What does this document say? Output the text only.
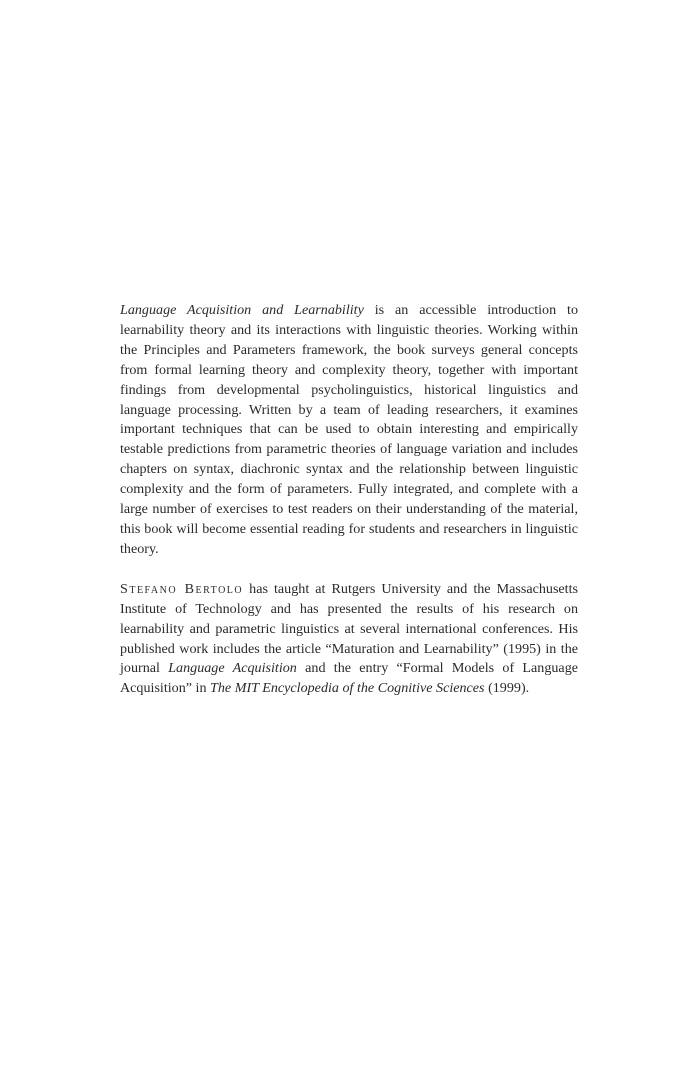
Language Acquisition and Learnability is an accessible introduction to learnability theory and its interactions with linguistic theories. Working within the Principles and Parameters framework, the book surveys general concepts from formal learning theory and complexity theory, together with important findings from developmental psycholinguistics, historical linguistics and language processing. Written by a team of leading researchers, it examines important techniques that can be used to obtain interesting and empirically testable predictions from parametric theories of language variation and includes chapters on syntax, diachronic syntax and the relationship between linguistic complexity and the form of parameters. Fully integrated, and complete with a large number of exercises to test readers on their understanding of the material, this book will become essential reading for students and researchers in linguistic theory.

Stefano Bertolo has taught at Rutgers University and the Massachusetts Institute of Technology and has presented the results of his research on learnability and parametric linguistics at several international conferences. His published work includes the article “Maturation and Learnability” (1995) in the journal Language Acquisition and the entry “Formal Models of Language Acquisition” in The MIT Encyclopedia of the Cognitive Sciences (1999).
